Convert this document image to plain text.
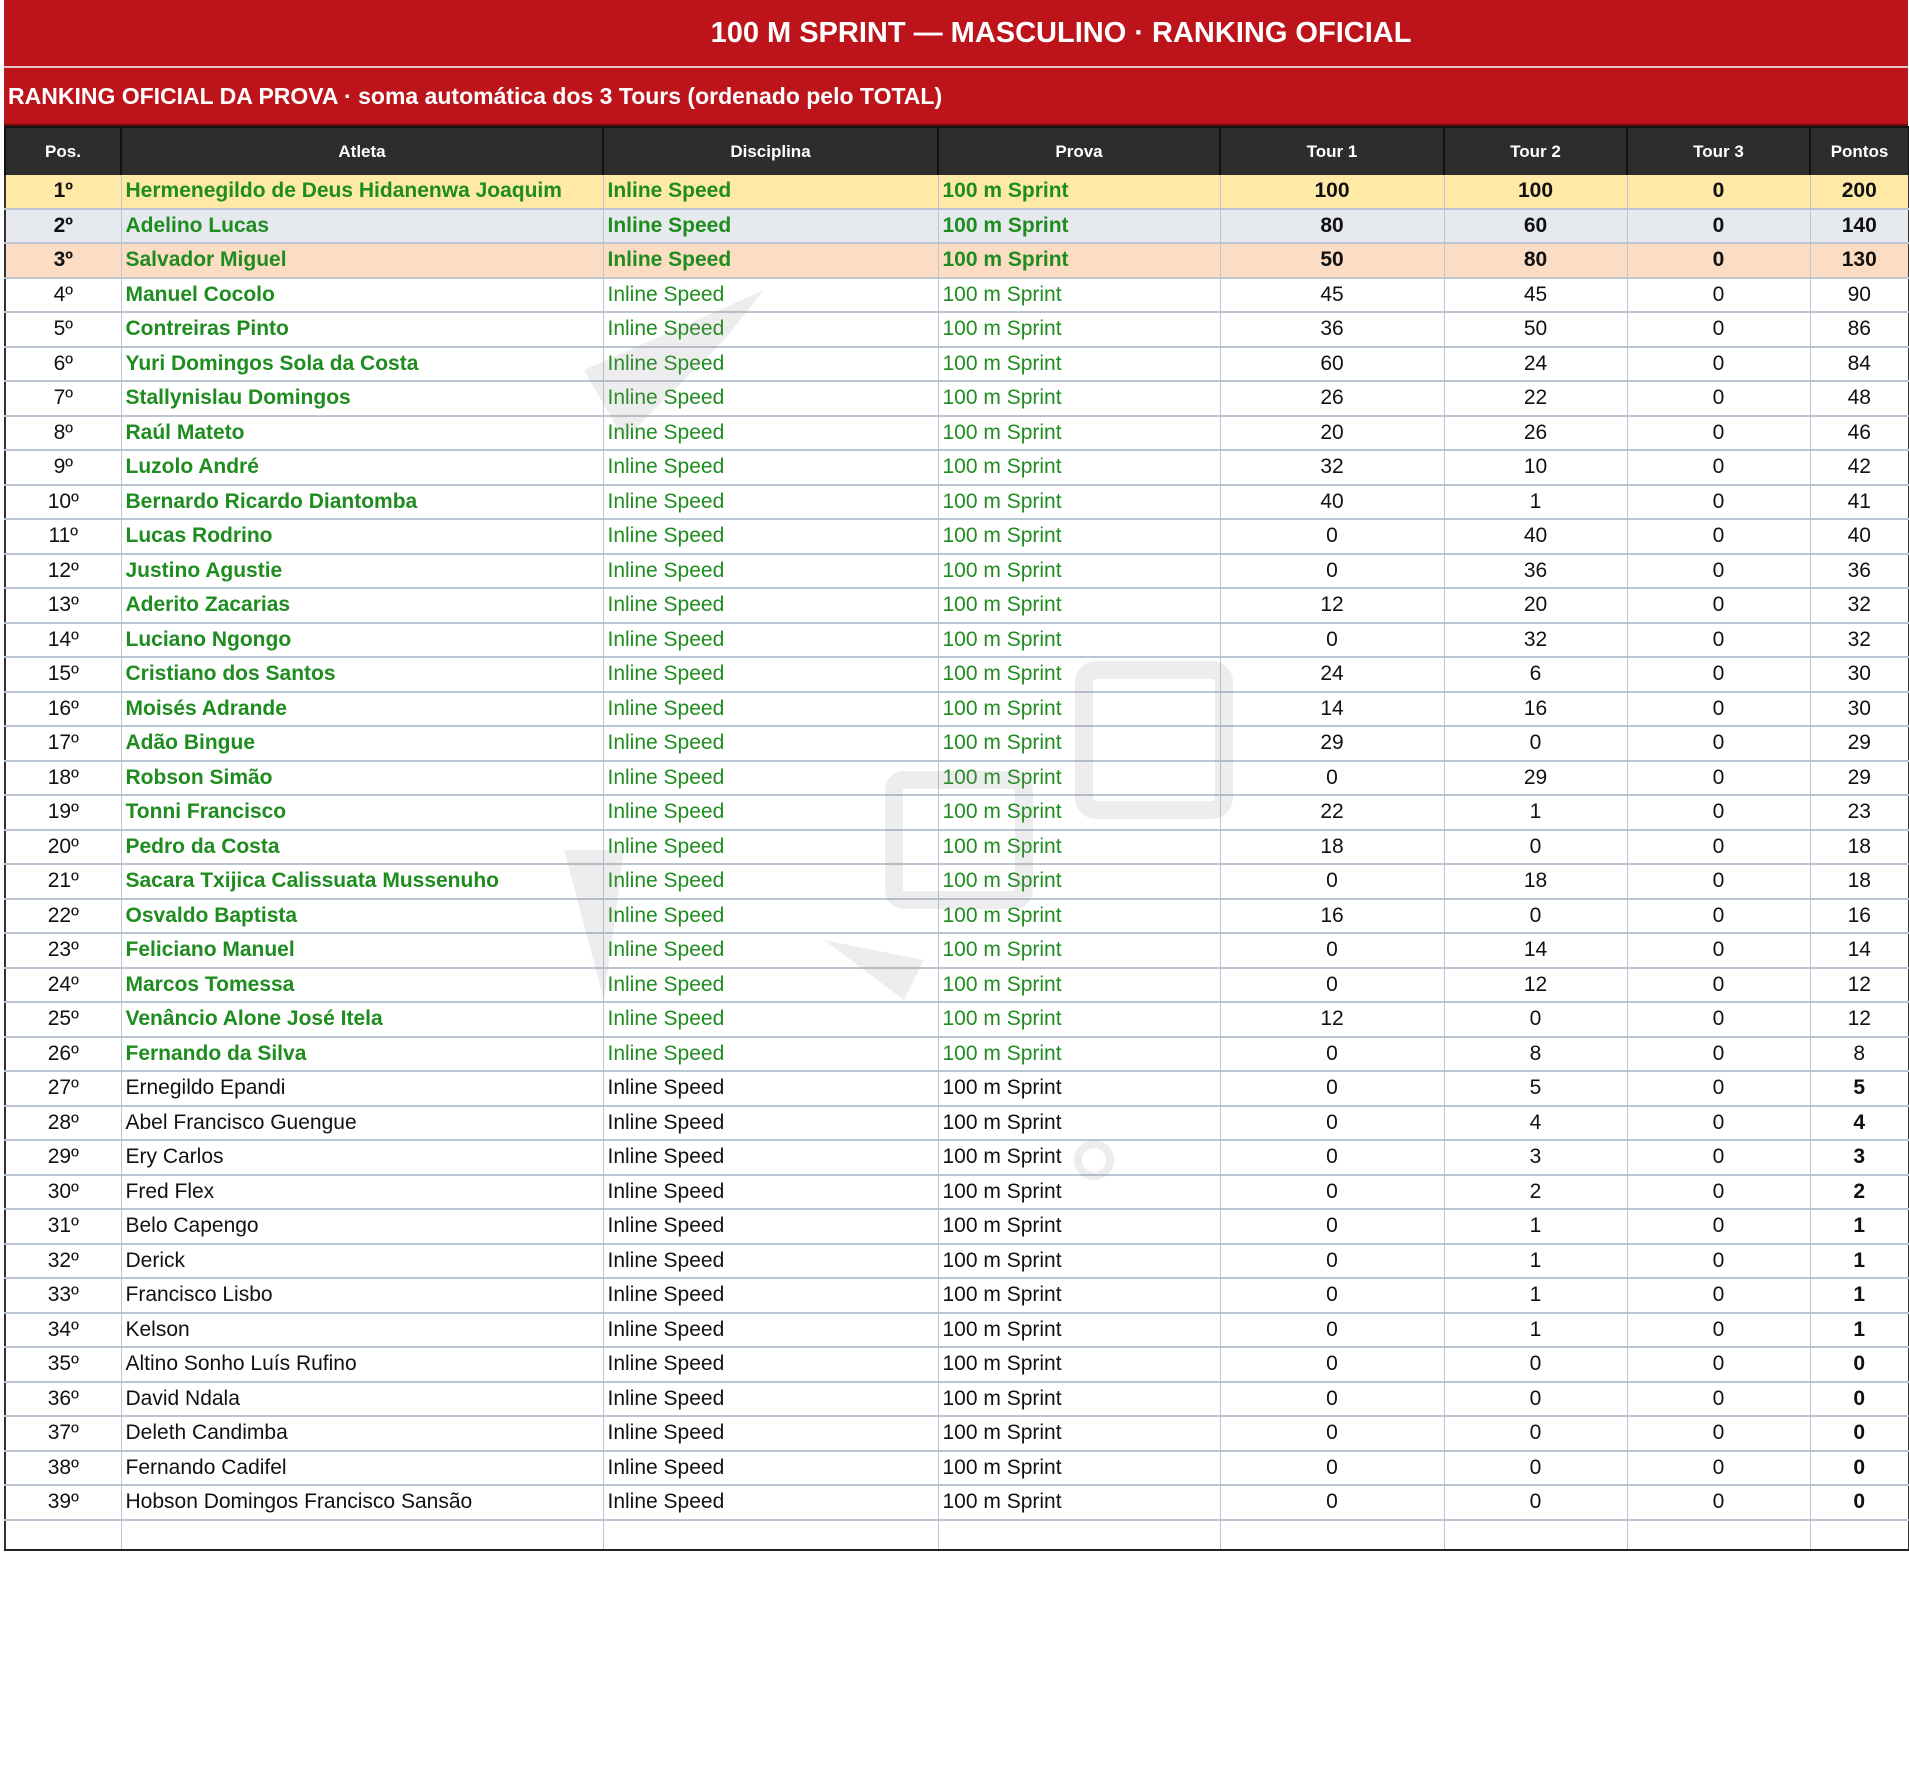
100 M SPRINT — MASCULINO · RANKING OFICIAL
RANKING OFICIAL DA PROVA · soma automática dos 3 Tours (ordenado pelo TOTAL)
Pos.	Atleta	Disciplina	Prova	Tour 1	Tour 2	Tour 3	Pontos
1º	Hermenegildo de Deus Hidanenwa Joaquim	Inline Speed	100 m Sprint	100	100	0	200
2º	Adelino Lucas	Inline Speed	100 m Sprint	80	60	0	140
3º	Salvador Miguel	Inline Speed	100 m Sprint	50	80	0	130
4º	Manuel Cocolo	Inline Speed	100 m Sprint	45	45	0	90
5º	Contreiras Pinto	Inline Speed	100 m Sprint	36	50	0	86
6º	Yuri Domingos Sola da Costa	Inline Speed	100 m Sprint	60	24	0	84
7º	Stallynislau Domingos	Inline Speed	100 m Sprint	26	22	0	48
8º	Raúl Mateto	Inline Speed	100 m Sprint	20	26	0	46
9º	Luzolo André	Inline Speed	100 m Sprint	32	10	0	42
10º	Bernardo Ricardo Diantomba	Inline Speed	100 m Sprint	40	1	0	41
11º	Lucas Rodrino	Inline Speed	100 m Sprint	0	40	0	40
12º	Justino Agustie	Inline Speed	100 m Sprint	0	36	0	36
13º	Aderito Zacarias	Inline Speed	100 m Sprint	12	20	0	32
14º	Luciano Ngongo	Inline Speed	100 m Sprint	0	32	0	32
15º	Cristiano dos Santos	Inline Speed	100 m Sprint	24	6	0	30
16º	Moisés Adrande	Inline Speed	100 m Sprint	14	16	0	30
17º	Adão Bingue	Inline Speed	100 m Sprint	29	0	0	29
18º	Robson Simão	Inline Speed	100 m Sprint	0	29	0	29
19º	Tonni Francisco	Inline Speed	100 m Sprint	22	1	0	23
20º	Pedro da Costa	Inline Speed	100 m Sprint	18	0	0	18
21º	Sacara Txijica Calissuata Mussenuho	Inline Speed	100 m Sprint	0	18	0	18
22º	Osvaldo Baptista	Inline Speed	100 m Sprint	16	0	0	16
23º	Feliciano Manuel	Inline Speed	100 m Sprint	0	14	0	14
24º	Marcos Tomessa	Inline Speed	100 m Sprint	0	12	0	12
25º	Venâncio Alone José Itela	Inline Speed	100 m Sprint	12	0	0	12
26º	Fernando da Silva	Inline Speed	100 m Sprint	0	8	0	8
27º	Ernegildo Epandi	Inline Speed	100 m Sprint	0	5	0	5
28º	Abel Francisco Guengue	Inline Speed	100 m Sprint	0	4	0	4
29º	Ery Carlos	Inline Speed	100 m Sprint	0	3	0	3
30º	Fred Flex	Inline Speed	100 m Sprint	0	2	0	2
31º	Belo Capengo	Inline Speed	100 m Sprint	0	1	0	1
32º	Derick	Inline Speed	100 m Sprint	0	1	0	1
33º	Francisco Lisbo	Inline Speed	100 m Sprint	0	1	0	1
34º	Kelson	Inline Speed	100 m Sprint	0	1	0	1
35º	Altino Sonho Luís Rufino	Inline Speed	100 m Sprint	0	0	0	0
36º	David Ndala	Inline Speed	100 m Sprint	0	0	0	0
37º	Deleth Candimba	Inline Speed	100 m Sprint	0	0	0	0
38º	Fernando Cadifel	Inline Speed	100 m Sprint	0	0	0	0
39º	Hobson Domingos Francisco Sansão	Inline Speed	100 m Sprint	0	0	0	0
